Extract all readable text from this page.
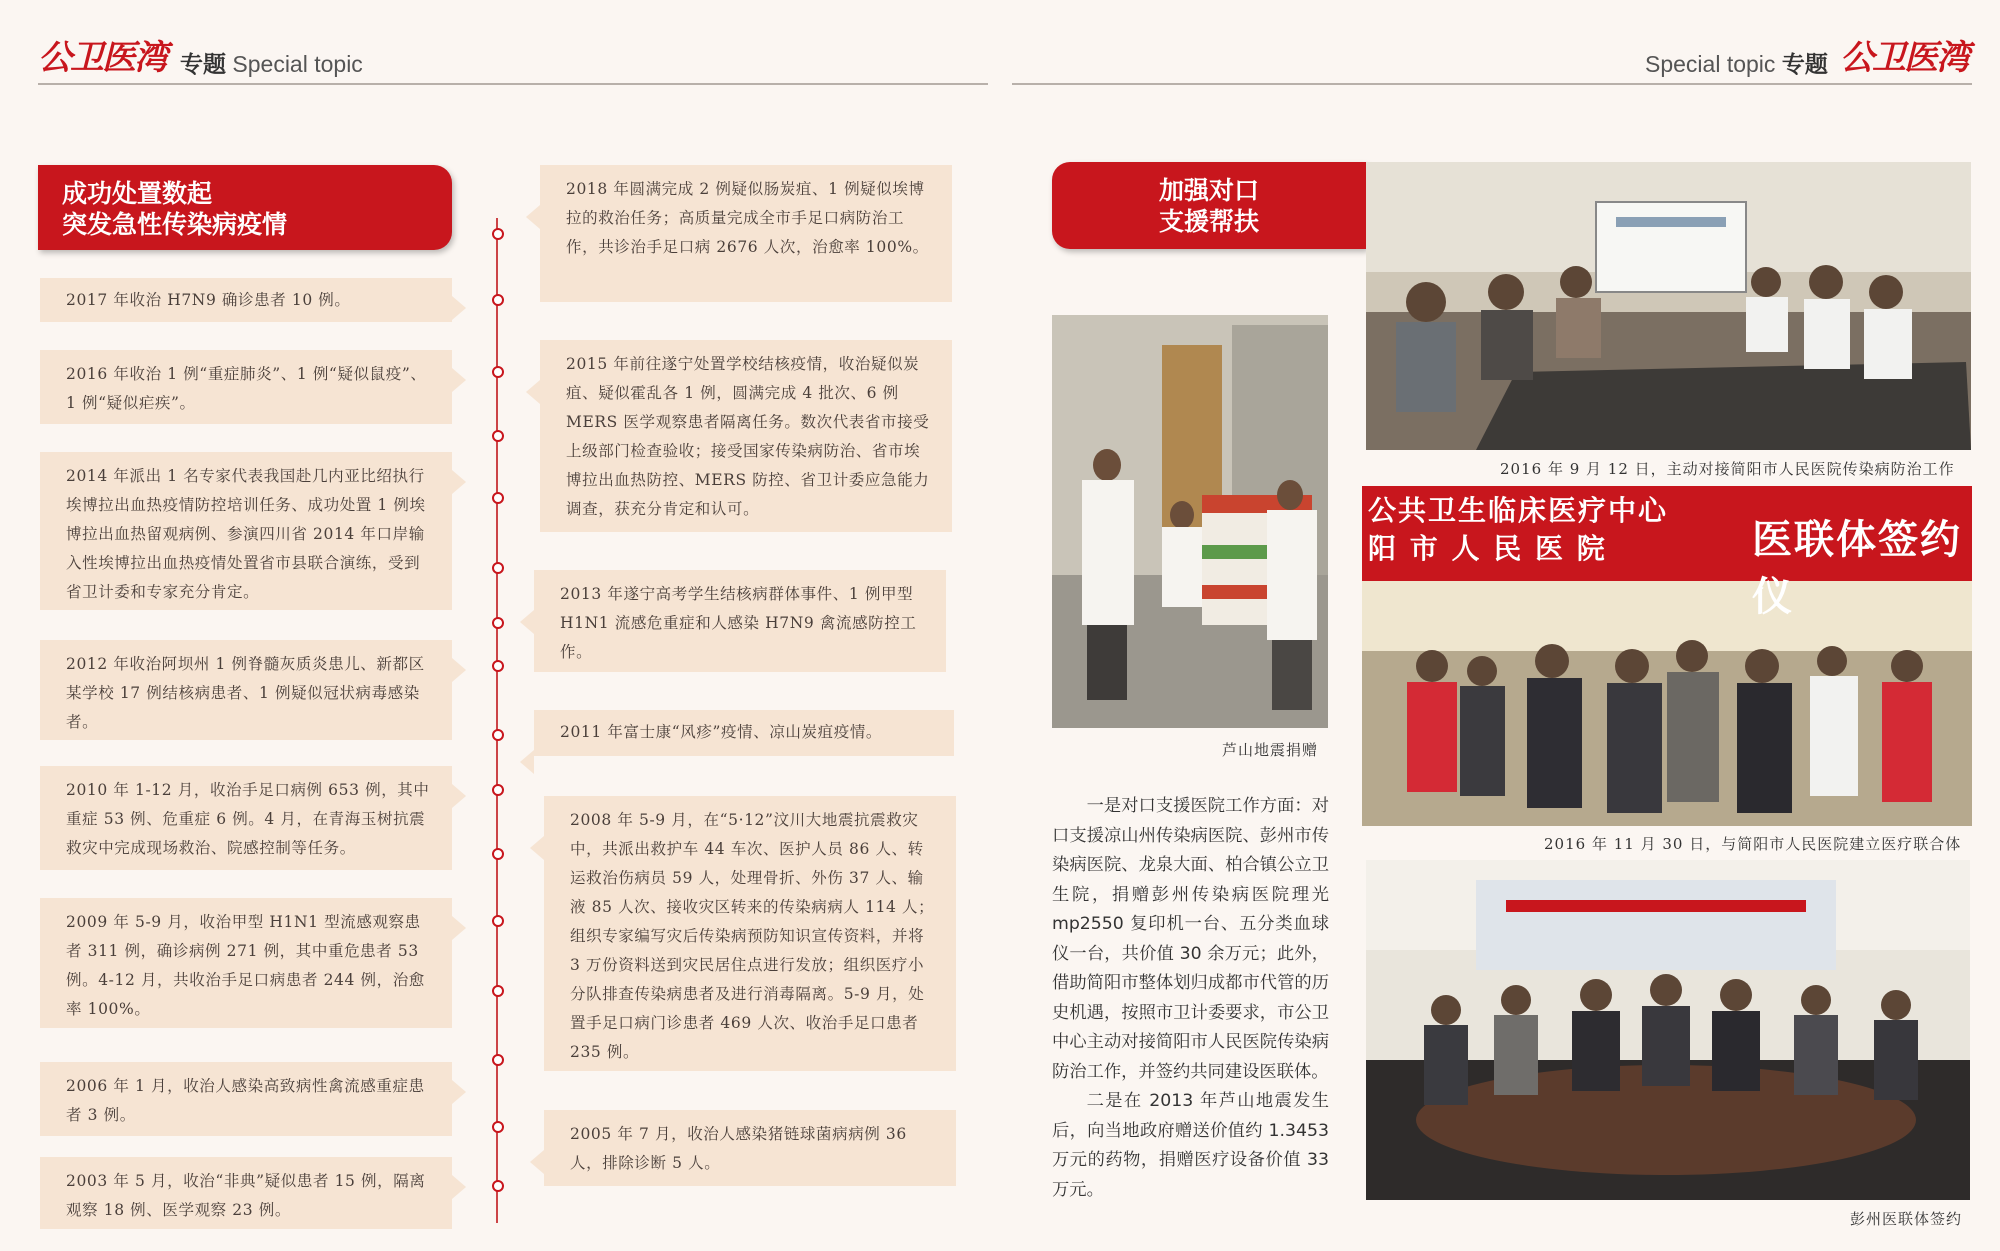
公卫医湾 专题 Special topic	Special topic 专题 公卫医湾
成功处置数起
突发急性传染病疫情
2017 年收治 H7N9 确诊患者 10 例。
2016 年收治 1 例“重症肺炎”、1 例“疑似鼠疫”、1 例“疑似疟疾”。
2014 年派出 1 名专家代表我国赴几内亚比绍执行埃博拉出血热疫情防控培训任务、成功处置 1 例埃博拉出血热留观病例、参演四川省 2014 年口岸输入性埃博拉出血热疫情处置省市县联合演练，受到省卫计委和专家充分肯定。
2012 年收治阿坝州 1 例脊髓灰质炎患儿、新都区某学校 17 例结核病患者、1 例疑似冠状病毒感染者。
2010 年 1-12 月，收治手足口病例 653 例，其中重症 53 例、危重症 6 例。4 月，在青海玉树抗震救灾中完成现场救治、院感控制等任务。
2009 年 5-9 月，收治甲型 H1N1 型流感观察患者 311 例，确诊病例 271 例，其中重危患者 53 例。4-12 月，共收治手足口病患者 244 例，治愈率 100%。
2006 年 1 月，收治人感染高致病性禽流感重症患者 3 例。
2003 年 5 月，收治“非典”疑似患者 15 例，隔离观察 18 例、医学观察 23 例。
2018 年圆满完成 2 例疑似肠炭疽、1 例疑似埃博拉的救治任务；高质量完成全市手足口病防治工作，共诊治手足口病 2676 人次，治愈率 100%。
2015 年前往遂宁处置学校结核疫情，收治疑似炭疽、疑似霍乱各 1 例，圆满完成 4 批次、6 例 MERS 医学观察患者隔离任务。数次代表省市接受上级部门检查验收；接受国家传染病防治、省市埃博拉出血热防控、MERS 防控、省卫计委应急能力调查，获充分肯定和认可。
2013 年遂宁高考学生结核病群体事件、1 例甲型 H1N1 流感危重症和人感染 H7N9 禽流感防控工作。
2011 年富士康“风疹”疫情、凉山炭疽疫情。
2008 年 5-9 月，在“5·12”汶川大地震抗震救灾中，共派出救护车 44 车次、医护人员 86 人、转运救治伤病员 59 人，处理骨折、外伤 37 人、输液 85 人次、接收灾区转来的传染病病人 114 人；组织专家编写灾后传染病预防知识宣传资料，并将 3 万份资料送到灾民居住点进行发放；组织医疗小分队排查传染病患者及进行消毒隔离。5-9 月，处置手足口病门诊患者 469 人次、收治手足口患者 235 例。
2005 年 7 月，收治人感染猪链球菌病病例 36 人，排除诊断 5 人。
加强对口
支援帮扶
芦山地震捐赠
2016 年 9 月 12 日，主动对接简阳市人民医院传染病防治工作
公共卫生临床医疗中心
阳 市 人 民 医 院	医联体签约仪
2016 年 11 月 30 日，与简阳市人民医院建立医疗联合体
彭州医联体签约

一是对口支援医院工作方面：对口支援凉山州传染病医院、彭州市传染病医院、龙泉大面、柏合镇公立卫生院，捐赠彭州传染病医院理光 mp2550 复印机一台、五分类血球仪一台，共价值 30 余万元；此外，借助简阳市整体划归成都市代管的历史机遇，按照市卫计委要求，市公卫中心主动对接简阳市人民医院传染病防治工作，并签约共同建设医联体。

二是在 2013 年芦山地震发生后，向当地政府赠送价值约 1.3453 万元的药物，捐赠医疗设备价值 33 万元。
